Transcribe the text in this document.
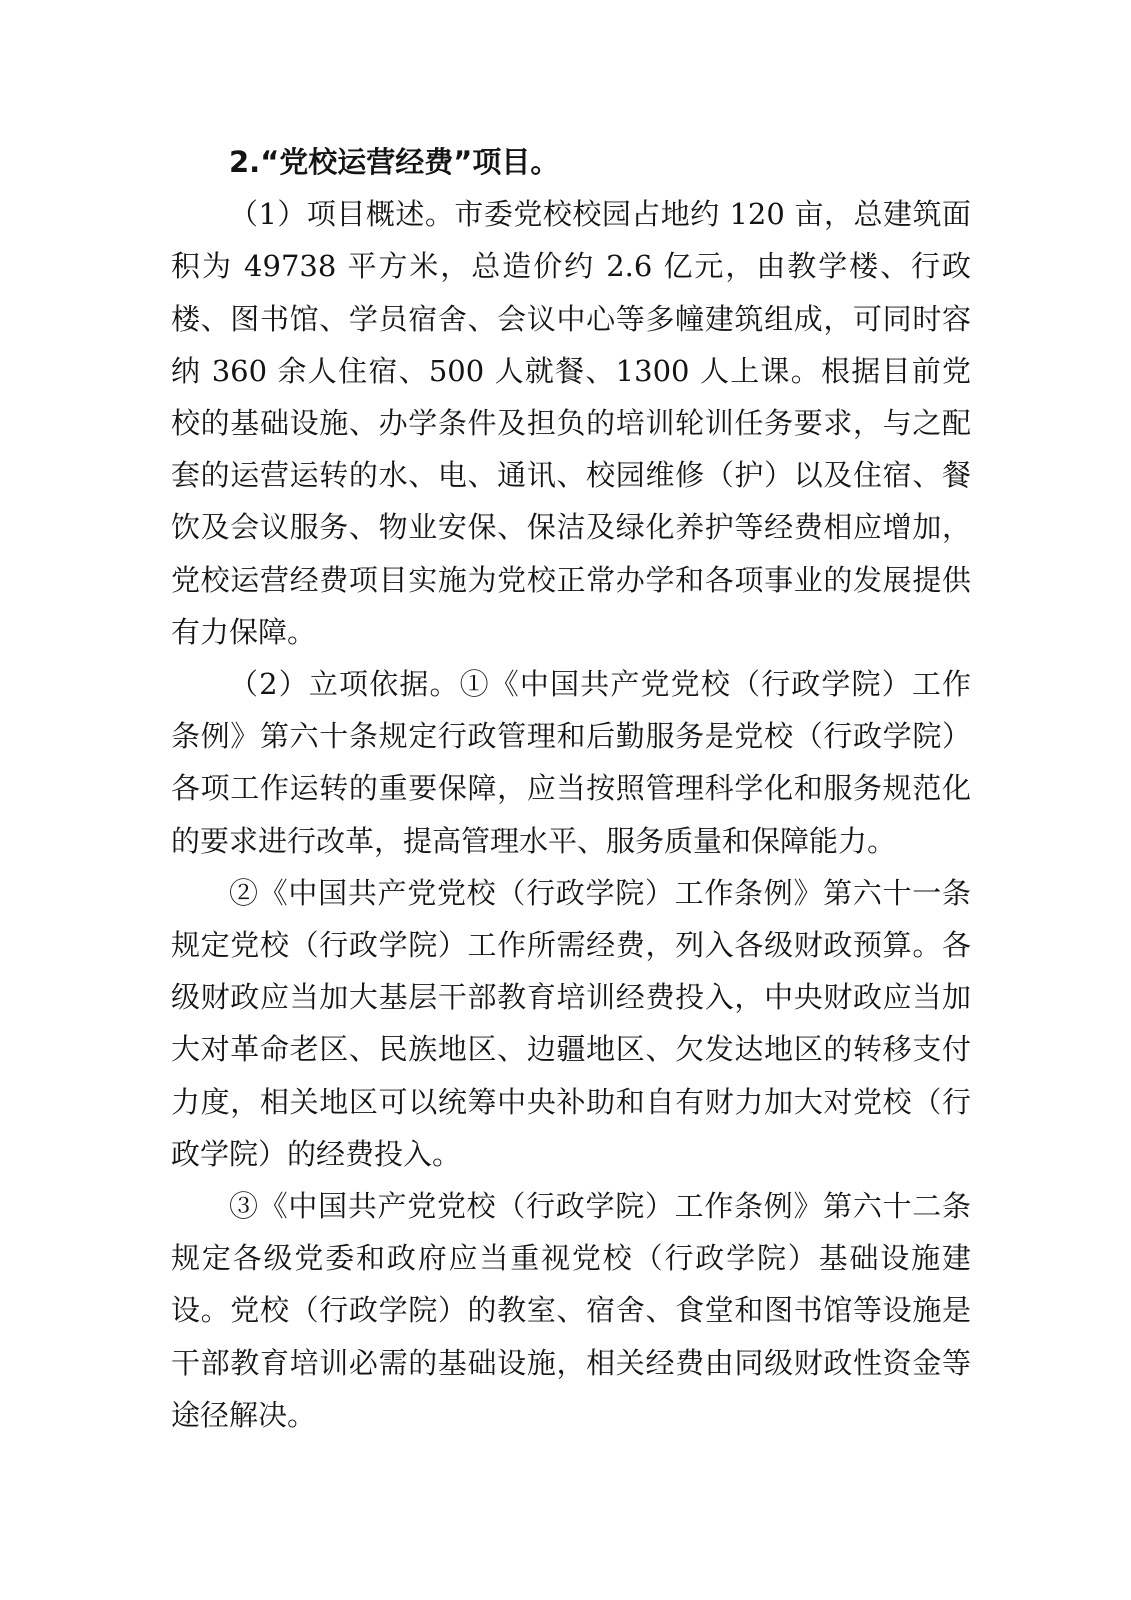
2.“党校运营经费”项目。

（1）项目概述。市委党校校园占地约 120 亩，总建筑面积为 49738 平方米，总造价约 2.6 亿元，由教学楼、行政楼、图书馆、学员宿舍、会议中心等多幢建筑组成，可同时容纳 360 余人住宿、500 人就餐、1300 人上课。根据目前党校的基础设施、办学条件及担负的培训轮训任务要求，与之配套的运营运转的水、电、通讯、校园维修（护）以及住宿、餐饮及会议服务、物业安保、保洁及绿化养护等经费相应增加，党校运营经费项目实施为党校正常办学和各项事业的发展提供有力保障。

（2）立项依据。①《中国共产党党校（行政学院）工作条例》第六十条规定行政管理和后勤服务是党校（行政学院）各项工作运转的重要保障，应当按照管理科学化和服务规范化的要求进行改革，提高管理水平、服务质量和保障能力。

②《中国共产党党校（行政学院）工作条例》第六十一条规定党校（行政学院）工作所需经费，列入各级财政预算。各级财政应当加大基层干部教育培训经费投入，中央财政应当加大对革命老区、民族地区、边疆地区、欠发达地区的转移支付力度，相关地区可以统筹中央补助和自有财力加大对党校（行政学院）的经费投入。

③《中国共产党党校（行政学院）工作条例》第六十二条规定各级党委和政府应当重视党校（行政学院）基础设施建设。党校（行政学院）的教室、宿舍、食堂和图书馆等设施是干部教育培训必需的基础设施，相关经费由同级财政性资金等途径解决。
